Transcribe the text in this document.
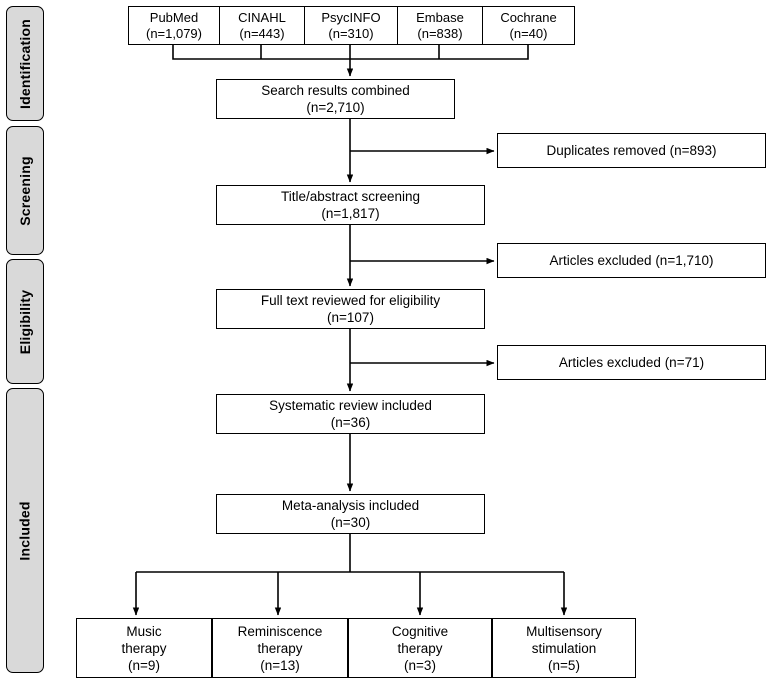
Identification
Screening
Eligibility
Included
PubMed
(n=1,079)
CINAHL
(n=443)
PsycINFO
(n=310)
Embase
(n=838)
Cochrane
(n=40)
Search results combined
(n=2,710)
Title/abstract screening
(n=1,817)
Full text reviewed for eligibility
(n=107)
Systematic review included
(n=36)
Meta-analysis included
(n=30)
Duplicates removed (n=893)
Articles excluded (n=1,710)
Articles excluded (n=71)
Music
therapy
(n=9)
Reminiscence
therapy
(n=13)
Cognitive
therapy
(n=3)
Multisensory
stimulation
(n=5)
